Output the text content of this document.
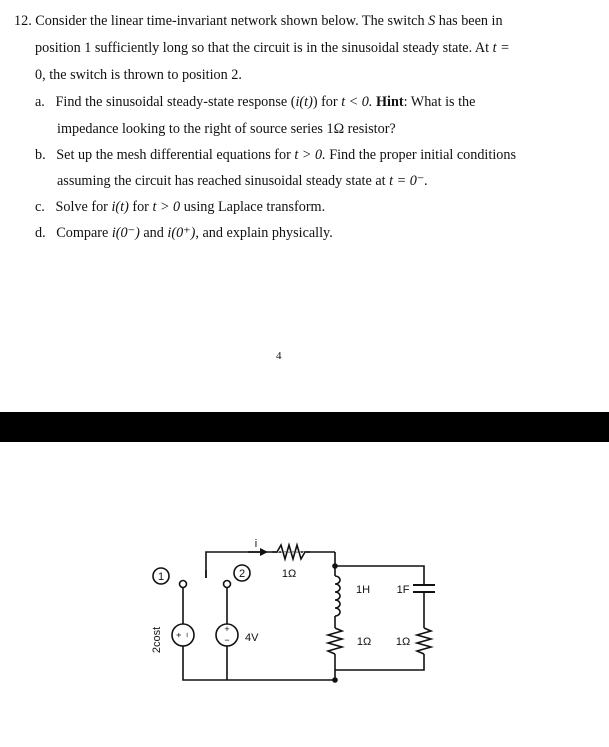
12. Consider the linear time-invariant network shown below. The switch S has been in
position 1 sufficiently long so that the circuit is in the sinusoidal steady state. At t =
0, the switch is thrown to position 2.
a. Find the sinusoidal steady-state response (i(t)) for t < 0. Hint: What is the
impedance looking to the right of source series 1Ω resistor?
b. Set up the mesh differential equations for t > 0. Find the proper initial conditions
assuming the circuit has reached sinusoidal steady state at t = 0⁻.
c. Solve for i(t) for t > 0 using Laplace transform.
d. Compare i(0⁻) and i(0⁺), and explain physically.
4
1	2
i
1Ω
1H 1F
1Ω 1Ω
4V
2cost +
−
+
−
